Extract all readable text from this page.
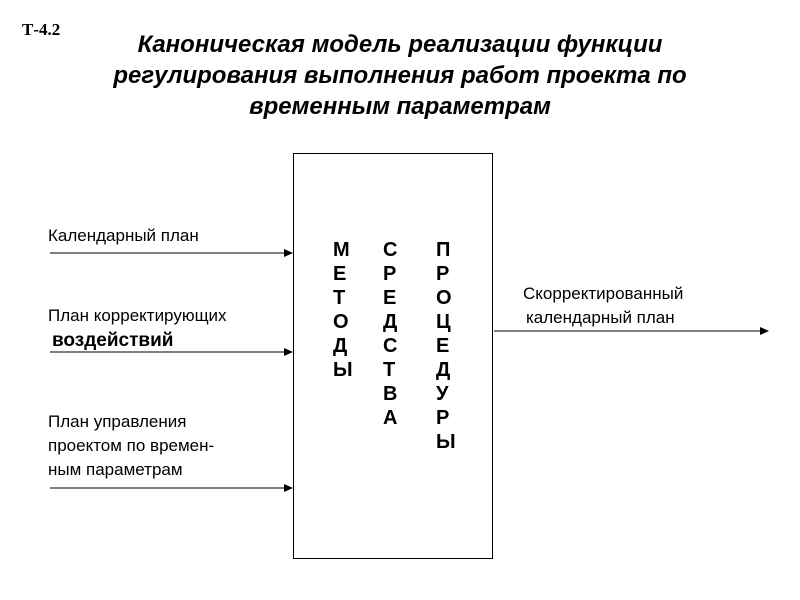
Т-4.2
Каноническая модель реализации функции
регулирования выполнения работ проекта по
временным параметрам
Календарный план
План корректирующих
воздействий
План управления
проектом по времен-
ным параметрам
Скорректированный
календарный план
М
Е
Т
О
Д
Ы
С
Р
Е
Д
С
Т
В
А
П
Р
О
Ц
Е
Д
У
Р
Ы
